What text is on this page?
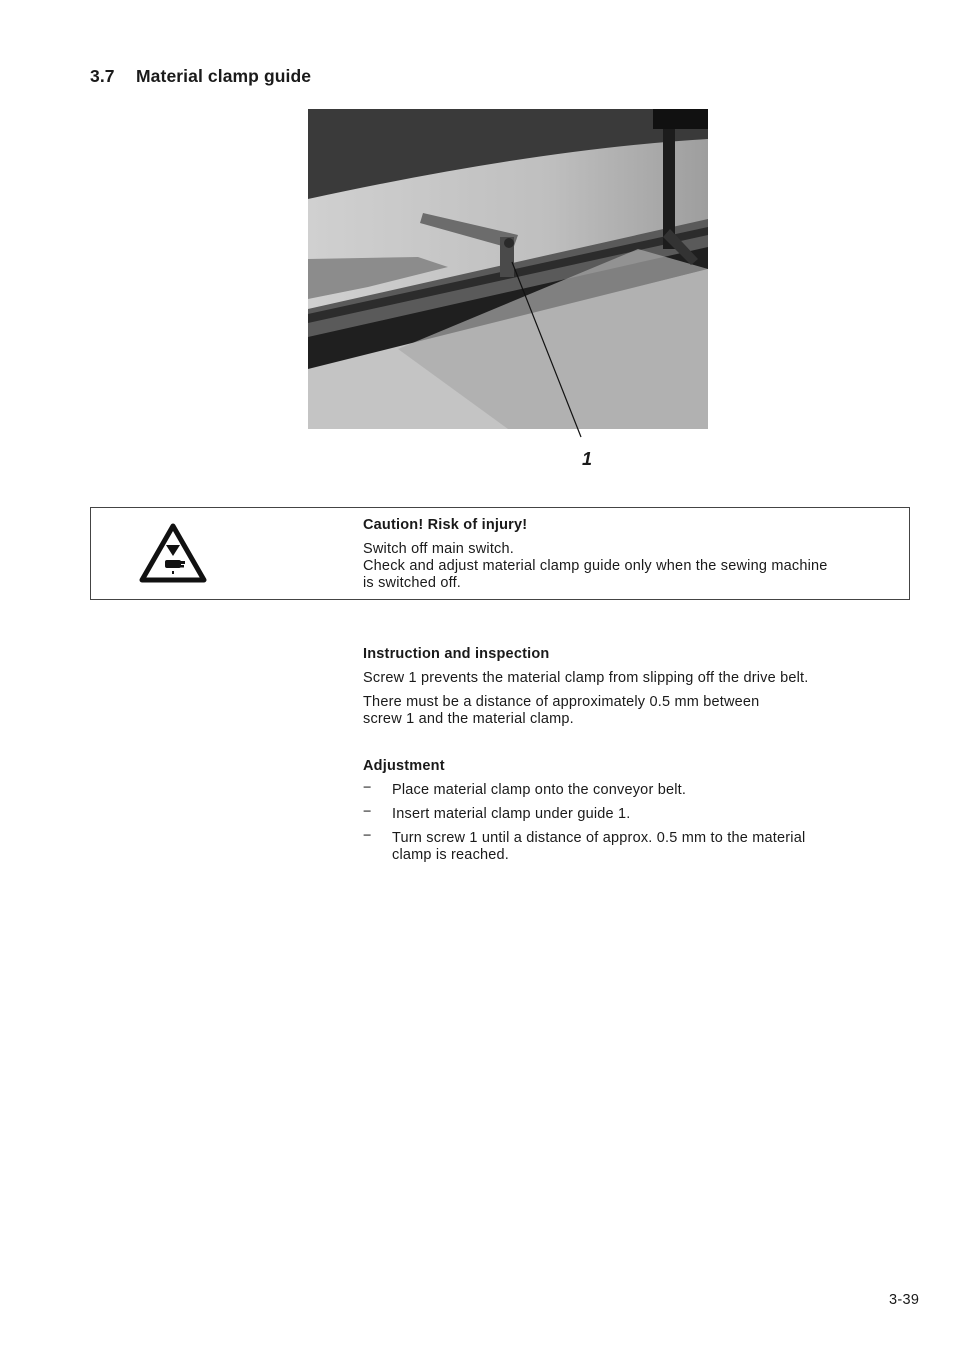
3.7 Material clamp guide
1
Caution! Risk of injury!
Switch off main switch.
Check and adjust material clamp guide only when the sewing machine
is switched off.
Instruction and inspection

Screw 1 prevents the material clamp from slipping off the drive belt.

There must be a distance of approximately 0.5 mm between
screw 1 and the material clamp.

Adjustment
− Place material clamp onto the conveyor belt.
− Insert material clamp under guide 1.
− Turn screw 1 until a distance of approx. 0.5 mm to the material
clamp is reached.
3-39
